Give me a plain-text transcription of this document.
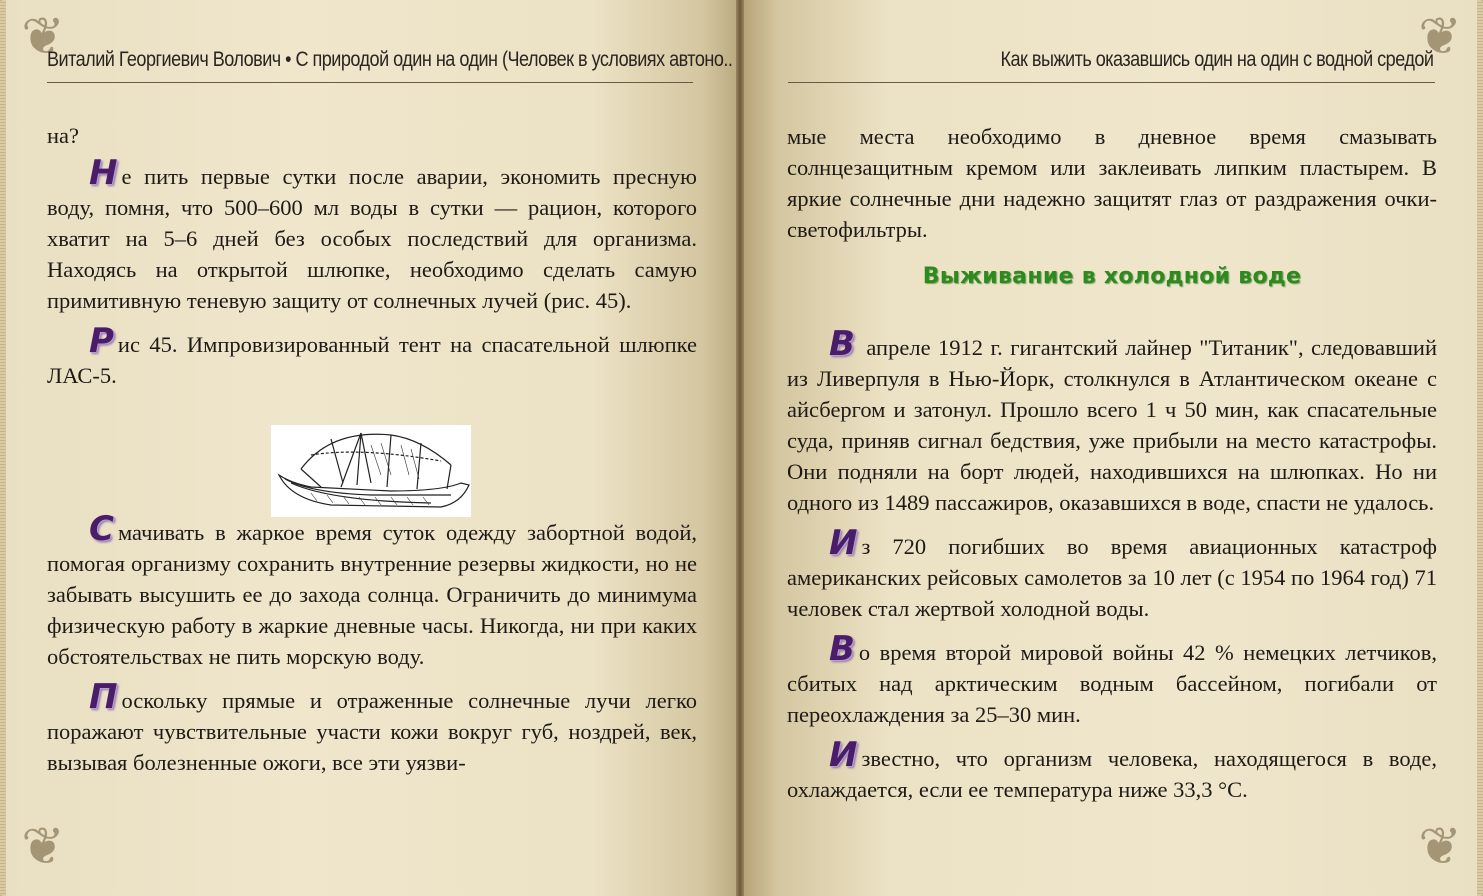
❦
❦
Виталий Георгиевич Волович • С природой один на один (Человек в условиях автоно..

на?

Не пить первые сутки после аварии, экономить пресную воду, помня, что 500–600 мл воды в сутки — рацион, которого хватит на 5–6 дней без особых последствий для организма. Находясь на открытой шлюпке, необходимо сделать самую примитивную теневую защиту от солнечных лучей (рис. 45).

Рис 45. Импровизированный тент на спасательной шлюпке ЛАС-5.

Смачивать в жаркое время суток одежду забортной водой, помогая организму сохранить внутренние резервы жидкости, но не забывать высушить ее до захода солнца. Ограничить до минимума физическую работу в жаркие дневные часы. Никогда, ни при каких обстоятельствах не пить морскую воду.

Поскольку прямые и отраженные солнечные лучи легко поражают чувствительные участи кожи вокруг губ, ноздрей, век, вызывая болезненные ожоги, все эти уязви-

❦
❦
Как выжить оказавшись один на один с водной средой

мые места необходимо в дневное время смазывать солнцезащитным кремом или заклеивать липким пластырем. В яркие солнечные дни надежно защитят глаз от раздражения очки-светофильтры.

Выживание в холодной воде

В апреле 1912 г. гигантский лайнер "Титаник", следовавший из Ливерпуля в Нью-Йорк, столкнулся в Атлантическом океане с айсбергом и затонул. Прошло всего 1 ч 50 мин, как спасательные суда, приняв сигнал бедствия, уже прибыли на место катастрофы. Они подняли на борт людей, находившихся на шлюпках. Но ни одного из 1489 пассажиров, оказавшихся в воде, спасти не удалось.

Из 720 погибших во время авиационных катастроф американских рейсовых самолетов за 10 лет (с 1954 по 1964 год) 71 человек стал жертвой холодной воды.

Во время второй мировой войны 42 % немецких летчиков, сбитых над арктическим водным бассейном, погибали от переохлаждения за 25–30 мин.

Известно, что организм человека, находящегося в воде, охлаждается, если ее температура ниже 33,3 °С.
